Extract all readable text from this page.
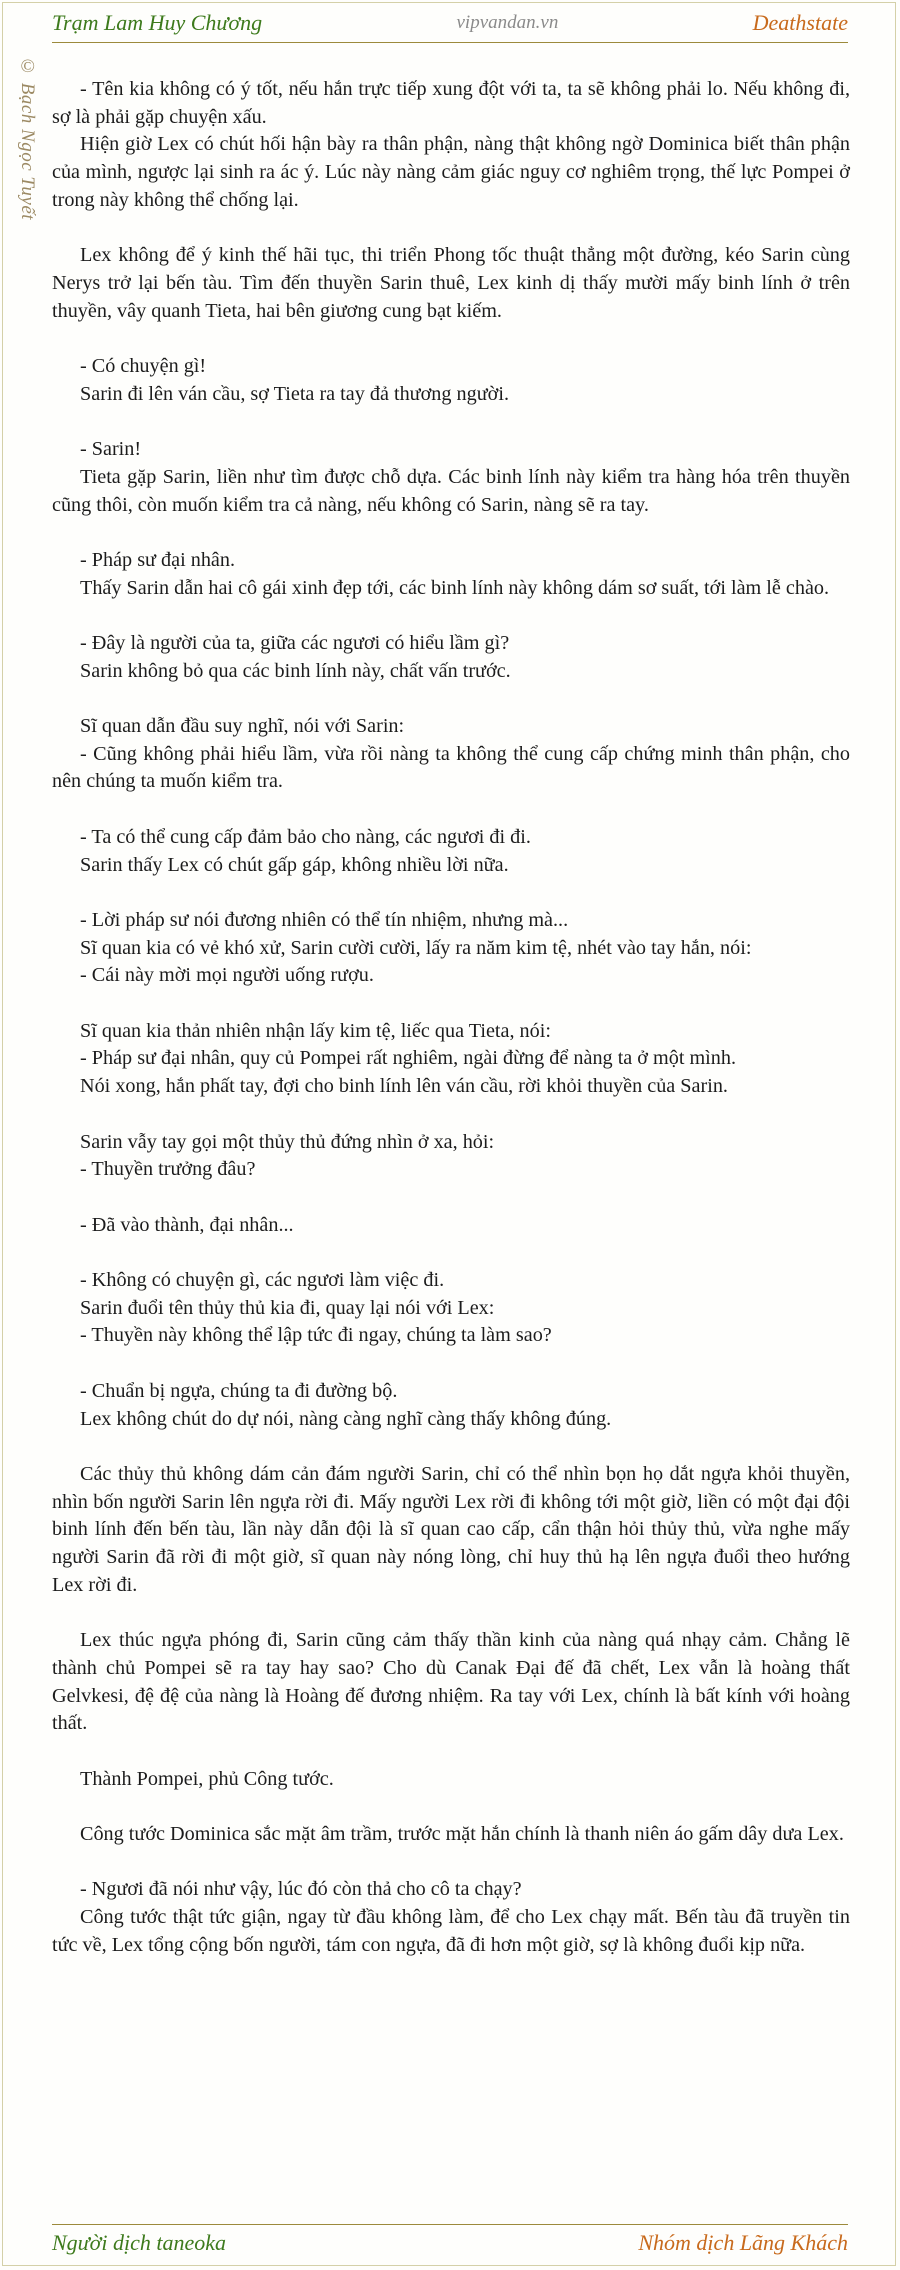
Trạm Lam Huy Chương	vipvandan.vn	Deathstate
© Bạch Ngọc Tuyết	- Tên kia không có ý tốt, nếu hắn trực tiếp xung đột với ta, ta sẽ không phải lo. Nếu không đi, sợ là phải gặp chuyện xấu.

Hiện giờ Lex có chút hối hận bày ra thân phận, nàng thật không ngờ Dominica biết thân phận của mình, ngược lại sinh ra ác ý. Lúc này nàng cảm giác nguy cơ nghiêm trọng, thế lực Pompei ở trong này không thể chống lại.

Lex không để ý kinh thế hãi tục, thi triển Phong tốc thuật thẳng một đường, kéo Sarin cùng Nerys trở lại bến tàu. Tìm đến thuyền Sarin thuê, Lex kinh dị thấy mười mấy binh lính ở trên thuyền, vây quanh Tieta, hai bên giương cung bạt kiếm.

- Có chuyện gì!

Sarin đi lên ván cầu, sợ Tieta ra tay đả thương người.

- Sarin!

Tieta gặp Sarin, liền như tìm được chỗ dựa. Các binh lính này kiểm tra hàng hóa trên thuyền cũng thôi, còn muốn kiểm tra cả nàng, nếu không có Sarin, nàng sẽ ra tay.

- Pháp sư đại nhân.

Thấy Sarin dẫn hai cô gái xinh đẹp tới, các binh lính này không dám sơ suất, tới làm lễ chào.

- Đây là người của ta, giữa các ngươi có hiểu lầm gì?

Sarin không bỏ qua các binh lính này, chất vấn trước.

Sĩ quan dẫn đầu suy nghĩ, nói với Sarin:

- Cũng không phải hiểu lầm, vừa rồi nàng ta không thể cung cấp chứng minh thân phận, cho nên chúng ta muốn kiểm tra.

- Ta có thể cung cấp đảm bảo cho nàng, các ngươi đi đi.

Sarin thấy Lex có chút gấp gáp, không nhiều lời nữa.

- Lời pháp sư nói đương nhiên có thể tín nhiệm, nhưng mà...

Sĩ quan kia có vẻ khó xử, Sarin cười cười, lấy ra năm kim tệ, nhét vào tay hắn, nói:

- Cái này mời mọi người uống rượu.

Sĩ quan kia thản nhiên nhận lấy kim tệ, liếc qua Tieta, nói:

- Pháp sư đại nhân, quy củ Pompei rất nghiêm, ngài đừng để nàng ta ở một mình.

Nói xong, hắn phất tay, đợi cho binh lính lên ván cầu, rời khỏi thuyền của Sarin.

Sarin vẫy tay gọi một thủy thủ đứng nhìn ở xa, hỏi:

- Thuyền trưởng đâu?

- Đã vào thành, đại nhân...

- Không có chuyện gì, các ngươi làm việc đi.

Sarin đuổi tên thủy thủ kia đi, quay lại nói với Lex:

- Thuyền này không thể lập tức đi ngay, chúng ta làm sao?

- Chuẩn bị ngựa, chúng ta đi đường bộ.

Lex không chút do dự nói, nàng càng nghĩ càng thấy không đúng.

Các thủy thủ không dám cản đám người Sarin, chỉ có thể nhìn bọn họ dắt ngựa khỏi thuyền, nhìn bốn người Sarin lên ngựa rời đi. Mấy người Lex rời đi không tới một giờ, liền có một đại đội binh lính đến bến tàu, lần này dẫn đội là sĩ quan cao cấp, cẩn thận hỏi thủy thủ, vừa nghe mấy người Sarin đã rời đi một giờ, sĩ quan này nóng lòng, chỉ huy thủ hạ lên ngựa đuổi theo hướng Lex rời đi.

Lex thúc ngựa phóng đi, Sarin cũng cảm thấy thần kinh của nàng quá nhạy cảm. Chẳng lẽ thành chủ Pompei sẽ ra tay hay sao? Cho dù Canak Đại đế đã chết, Lex vẫn là hoàng thất Gelvkesi, đệ đệ của nàng là Hoàng đế đương nhiệm. Ra tay với Lex, chính là bất kính với hoàng thất.

Thành Pompei, phủ Công tước.

Công tước Dominica sắc mặt âm trầm, trước mặt hắn chính là thanh niên áo gấm dây dưa Lex.

- Ngươi đã nói như vậy, lúc đó còn thả cho cô ta chạy?

Công tước thật tức giận, ngay từ đầu không làm, để cho Lex chạy mất. Bến tàu đã truyền tin tức về, Lex tổng cộng bốn người, tám con ngựa, đã đi hơn một giờ, sợ là không đuổi kịp nữa.

Người dịch taneoka	Nhóm dịch Lãng Khách
